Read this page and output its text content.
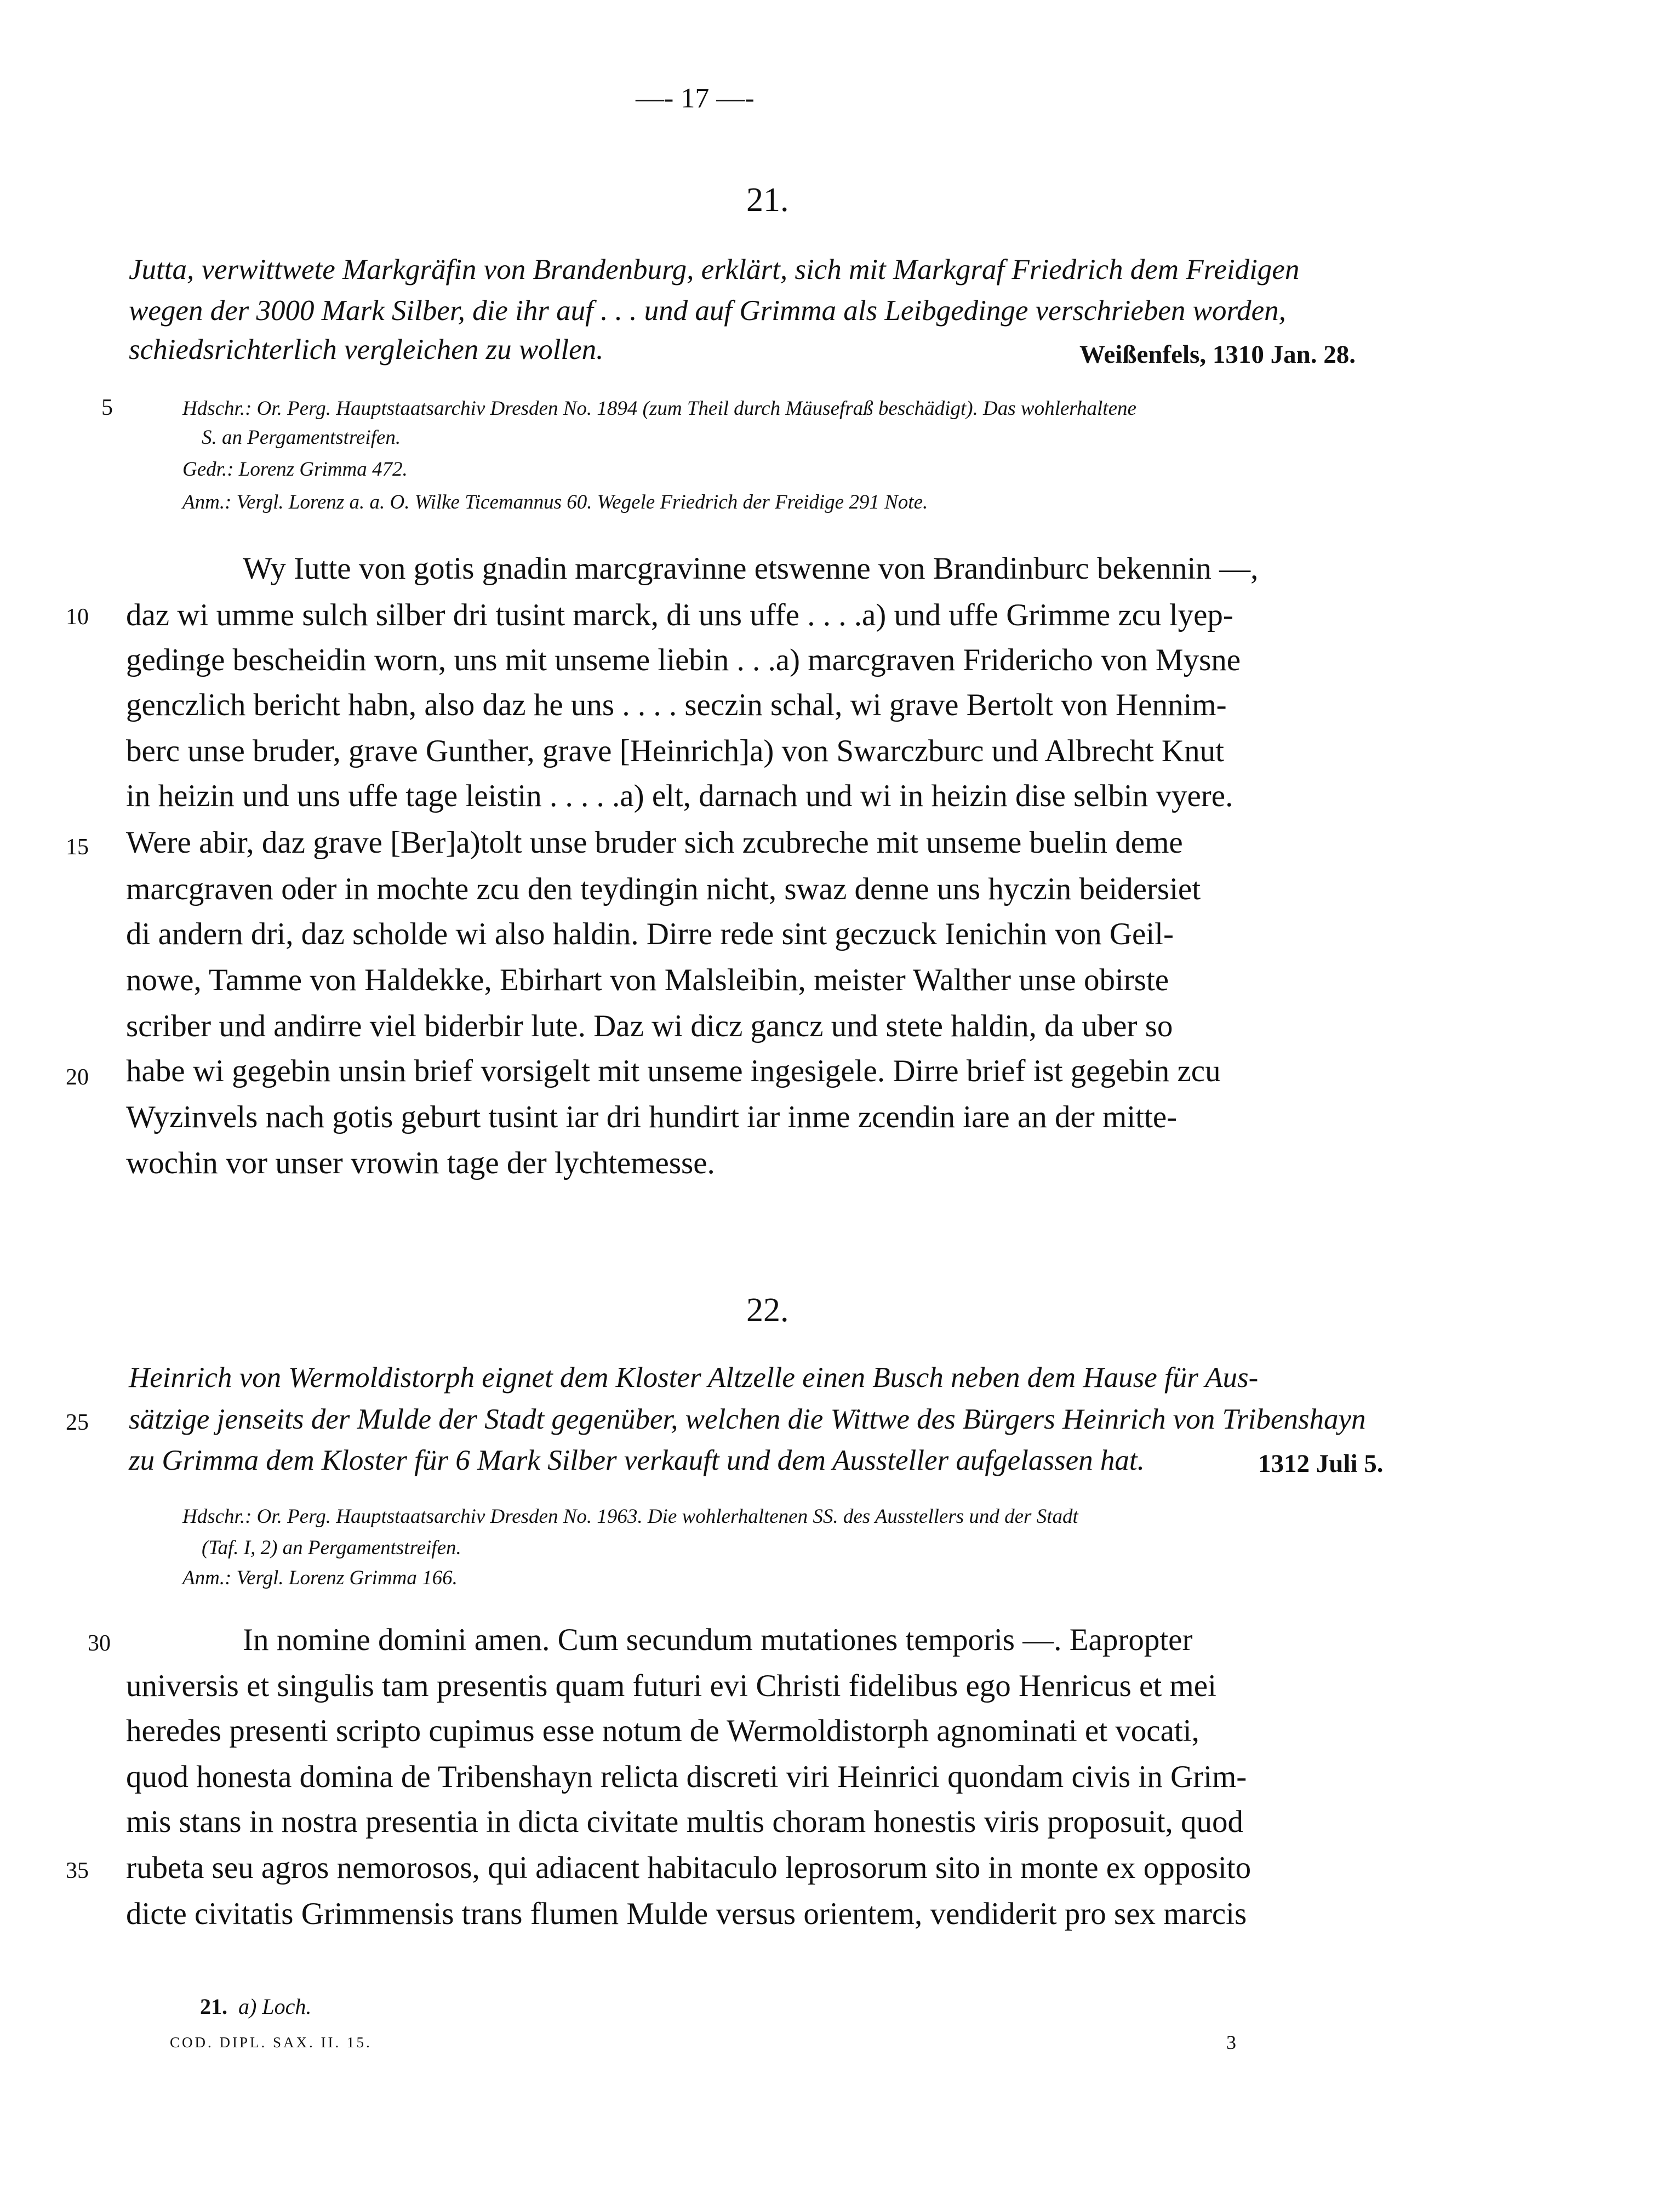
—- 17 —-
21.
Jutta, verwittwete Markgräfin von Brandenburg, erklärt, sich mit Markgraf Friedrich dem Freidigen
wegen der 3000 Mark Silber, die ihr auf . . . und auf Grimma als Leibgedinge verschrieben worden,
schiedsrichterlich vergleichen zu wollen.	Weißenfels, 1310 Jan. 28.
5	Hdschr.: Or. Perg. Hauptstaatsarchiv Dresden No. 1894 (zum Theil durch Mäusefraß beschädigt). Das wohlerhaltene
S. an Pergamentstreifen.
Gedr.: Lorenz Grimma 472.
Anm.: Vergl. Lorenz a. a. O. Wilke Ticemannus 60. Wegele Friedrich der Freidige 291 Note.
Wy Iutte von gotis gnadin marcgravinne etswenne von Brandinburc bekennin —,
10 daz wi umme sulch silber dri tusint marck, di uns uffe . . . .a) und uffe Grimme zcu lyep-
gedinge bescheidin worn, uns mit unseme liebin . . .a) marcgraven Fridericho von Mysne
genczlich bericht habn, also daz he uns . . . . seczin schal, wi grave Bertolt von Hennim-
berc unse bruder, grave Gunther, grave [Heinrich]a) von Swarczburc und Albrecht Knut
in heizin und uns uffe tage leistin . . . . .a) elt, darnach und wi in heizin dise selbin vyere.
15 Were abir, daz grave [Ber]a)tolt unse bruder sich zcubreche mit unseme buelin deme
marcgraven oder in mochte zcu den teydingin nicht, swaz denne uns hyczin beidersiet
di andern dri, daz scholde wi also haldin. Dirre rede sint geczuck Ienichin von Geil-
nowe, Tamme von Haldekke, Ebirhart von Malsleibin, meister Walther unse obirste
scriber und andirre viel biderbir lute. Daz wi dicz gancz und stete haldin, da uber so
20 habe wi gegebin unsin brief vorsigelt mit unseme ingesigele. Dirre brief ist gegebin zcu
Wyzinvels nach gotis geburt tusint iar dri hundirt iar inme zcendin iare an der mitte-
wochin vor unser vrowin tage der lychtemesse.
22.
Heinrich von Wermoldistorph eignet dem Kloster Altzelle einen Busch neben dem Hause für Aus-
25 sätzige jenseits der Mulde der Stadt gegenüber, welchen die Wittwe des Bürgers Heinrich von Tribenshayn
zu Grimma dem Kloster für 6 Mark Silber verkauft und dem Aussteller aufgelassen hat.	1312 Juli 5.
Hdschr.: Or. Perg. Hauptstaatsarchiv Dresden No. 1963. Die wohlerhaltenen SS. des Ausstellers und der Stadt
(Taf. I, 2) an Pergamentstreifen.
Anm.: Vergl. Lorenz Grimma 166.
30	In nomine domini amen. Cum secundum mutationes temporis —. Eapropter
universis et singulis tam presentis quam futuri evi Christi fidelibus ego Henricus et mei
heredes presenti scripto cupimus esse notum de Wermoldistorph agnominati et vocati,
quod honesta domina de Tribenshayn relicta discreti viri Heinrici quondam civis in Grim-
mis stans in nostra presentia in dicta civitate multis choram honestis viris proposuit, quod
35 rubeta seu agros nemorosos, qui adiacent habitaculo leprosorum sito in monte ex opposito
dicte civitatis Grimmensis trans flumen Mulde versus orientem, vendiderit pro sex marcis
21. a) Loch.
COD. DIPL. SAX. II. 15.	3
